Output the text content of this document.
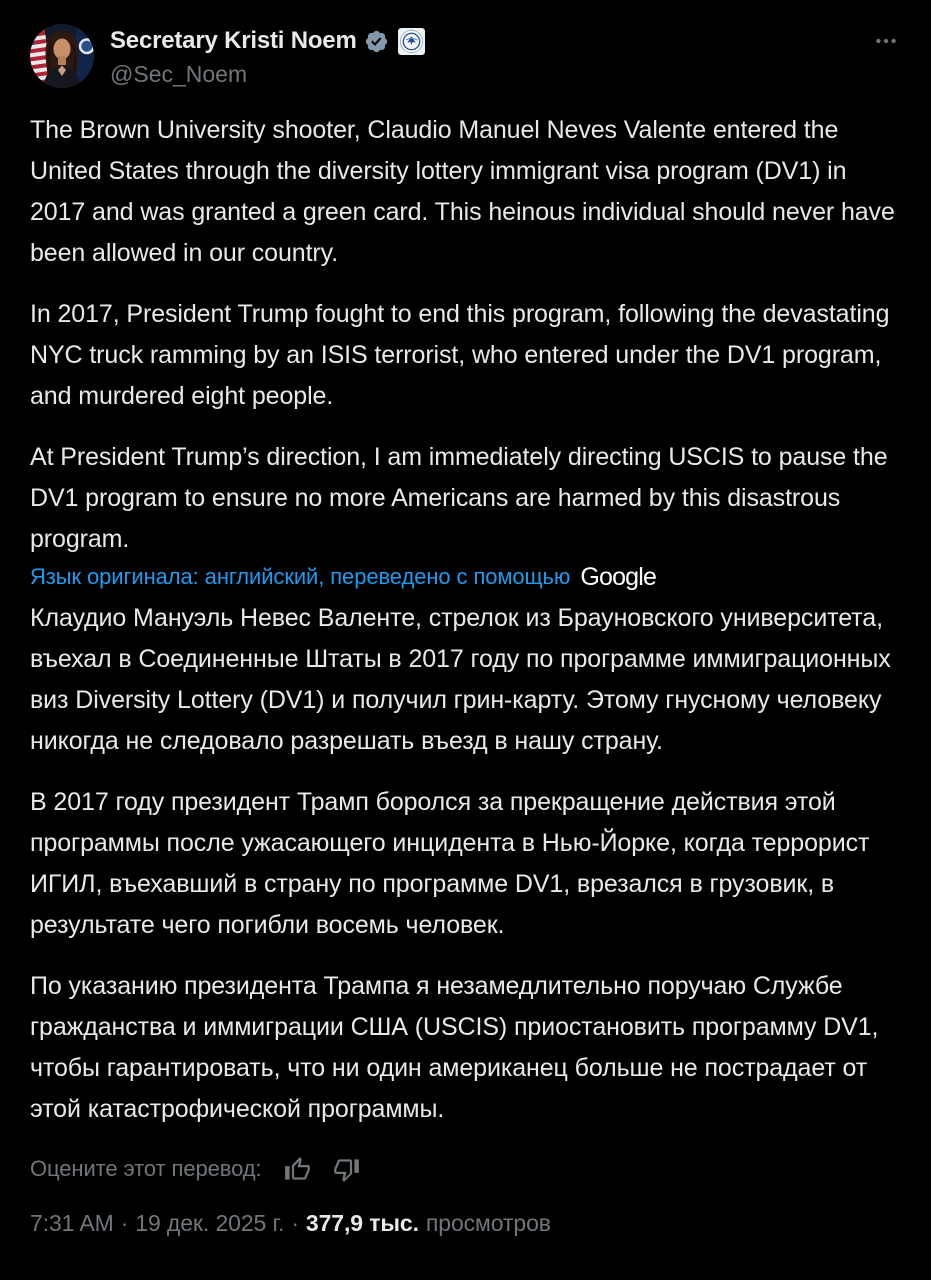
Secretary Kristi Noem
@Sec_Noem

The Brown University shooter, Claudio Manuel Neves Valente entered the United States through the diversity lottery immigrant visa program (DV1) in 2017 and was granted a green card. This heinous individual should never have been allowed in our country.

In 2017, President Trump fought to end this program, following the devastating NYC truck ramming by an ISIS terrorist, who entered under the DV1 program, and murdered eight people.

At President Trump’s direction, I am immediately directing USCIS to pause the DV1 program to ensure no more Americans are harmed by this disastrous program.

Язык оригинала: английский, переведено с помощью Google

Клаудио Мануэль Невес Валенте, стрелок из Брауновского университета, въехал в Соединенные Штаты в 2017 году по программе иммиграционных виз Diversity Lottery (DV1) и получил грин-карту. Этому гнусному человеку никогда не следовало разрешать въезд в нашу страну.

В 2017 году президент Трамп боролся за прекращение действия этой программы после ужасающего инцидента в Нью-Йорке, когда террорист ИГИЛ, въехавший в страну по программе DV1, врезался в грузовик, в результате чего погибли восемь человек.

По указанию президента Трампа я незамедлительно поручаю Службе гражданства и иммиграции США (USCIS) приостановить программу DV1, чтобы гарантировать, что ни один американец больше не пострадает от этой катастрофической программы.

Оцените этот перевод:
7:31 AM · 19 дек. 2025 г. · 377,9 тыс. просмотров
